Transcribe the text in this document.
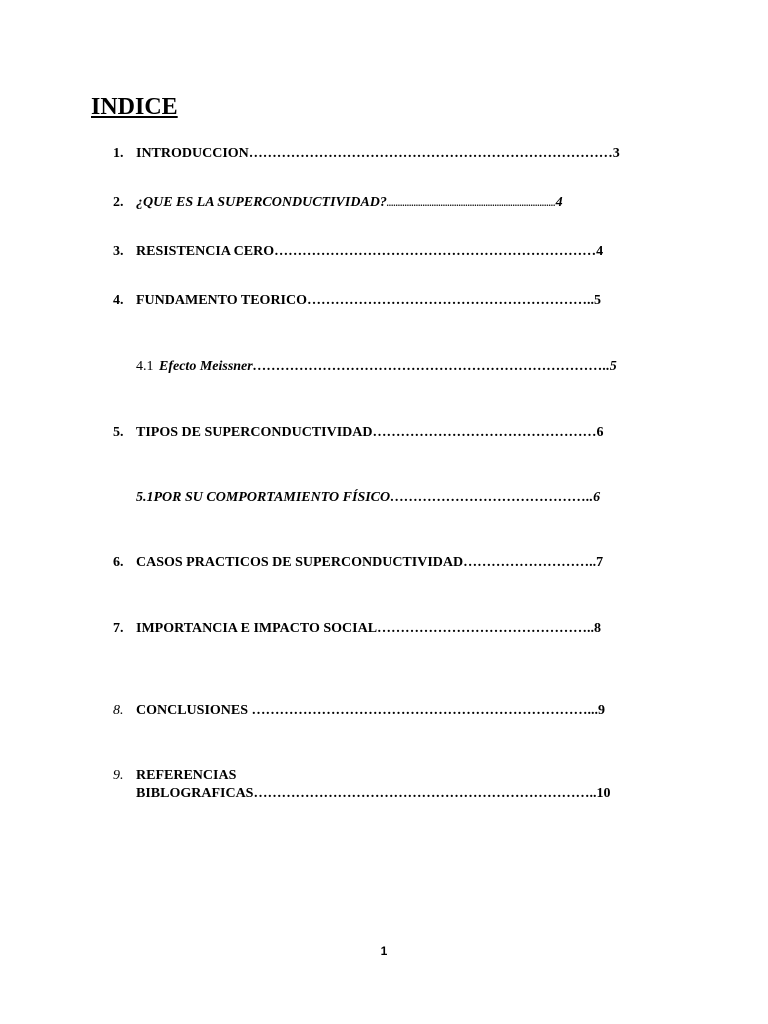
INDICE
1. INTRODUCCION……………………………………………………………………3
2. ¿QUE ES LA SUPERCONDUCTIVIDAD?...........................................................................4
3. RESISTENCIA CERO……………………………………………………………4
4. FUNDAMENTO TEORICO……………………………………………………..5
4.1 Efecto Meissner…………………………………………………………………..5
5. TIPOS DE SUPERCONDUCTIVIDAD…………………………………………6
5.1POR SU COMPORTAMIENTO FÍSICO……………………………………..6
6. CASOS PRACTICOS DE SUPERCONDUCTIVIDAD………………………..7
7. IMPORTANCIA E IMPACTO SOCIAL………………………………………..8
8. CONCLUSIONES ………………………………………………………………...9
9. REFERENCIAS
BIBLOGRAFICAS………………………………………………………………..10
1
